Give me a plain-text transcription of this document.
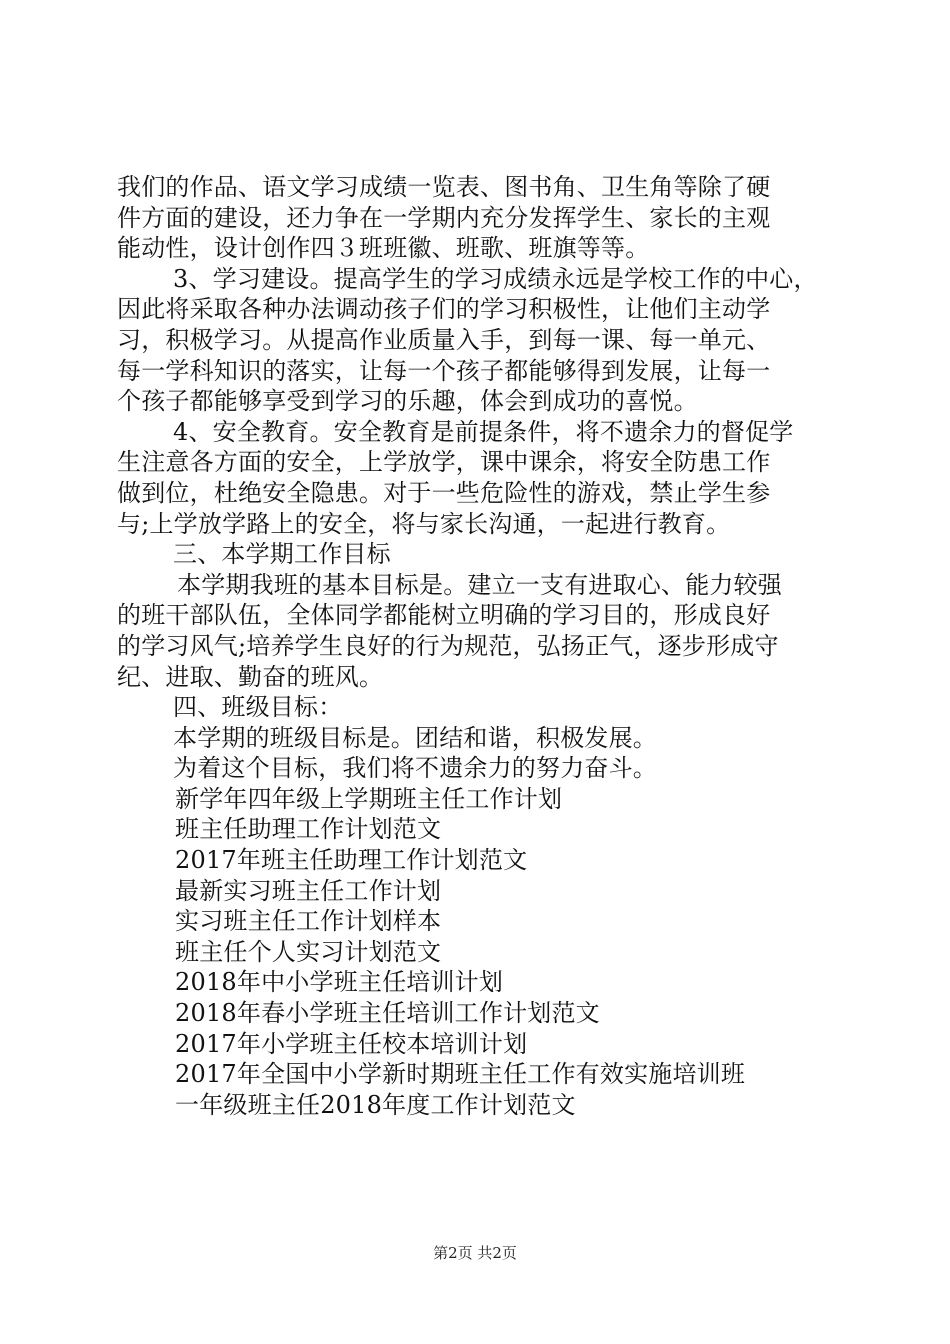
我们的作品、语文学习成绩一览表、图书角、卫生角等除了硬
件方面的建设，还力争在一学期内充分发挥学生、家长的主观
能动性，设计创作四３班班徽、班歌、班旗等等。
3、学习建设。提高学生的学习成绩永远是学校工作的中心，
因此将采取各种办法调动孩子们的学习积极性，让他们主动学
习，积极学习。从提高作业质量入手，到每一课、每一单元、
每一学科知识的落实，让每一个孩子都能够得到发展，让每一
个孩子都能够享受到学习的乐趣，体会到成功的喜悦。
4、安全教育。安全教育是前提条件，将不遗余力的督促学
生注意各方面的安全，上学放学，课中课余，将安全防患工作
做到位，杜绝安全隐患。对于一些危险性的游戏，禁止学生参
与;上学放学路上的安全，将与家长沟通，一起进行教育。
三、本学期工作目标
本学期我班的基本目标是。建立一支有进取心、能力较强
的班干部队伍，全体同学都能树立明确的学习目的，形成良好
的学习风气;培养学生良好的行为规范，弘扬正气，逐步形成守
纪、进取、勤奋的班风。
四、班级目标：
本学期的班级目标是。团结和谐，积极发展。
为着这个目标，我们将不遗余力的努力奋斗。
新学年四年级上学期班主任工作计划
班主任助理工作计划范文
2017年班主任助理工作计划范文
最新实习班主任工作计划
实习班主任工作计划样本
班主任个人实习计划范文
2018年中小学班主任培训计划
2018年春小学班主任培训工作计划范文
2017年小学班主任校本培训计划
2017年全国中小学新时期班主任工作有效实施培训班
一年级班主任2018年度工作计划范文
第2页 共2页
